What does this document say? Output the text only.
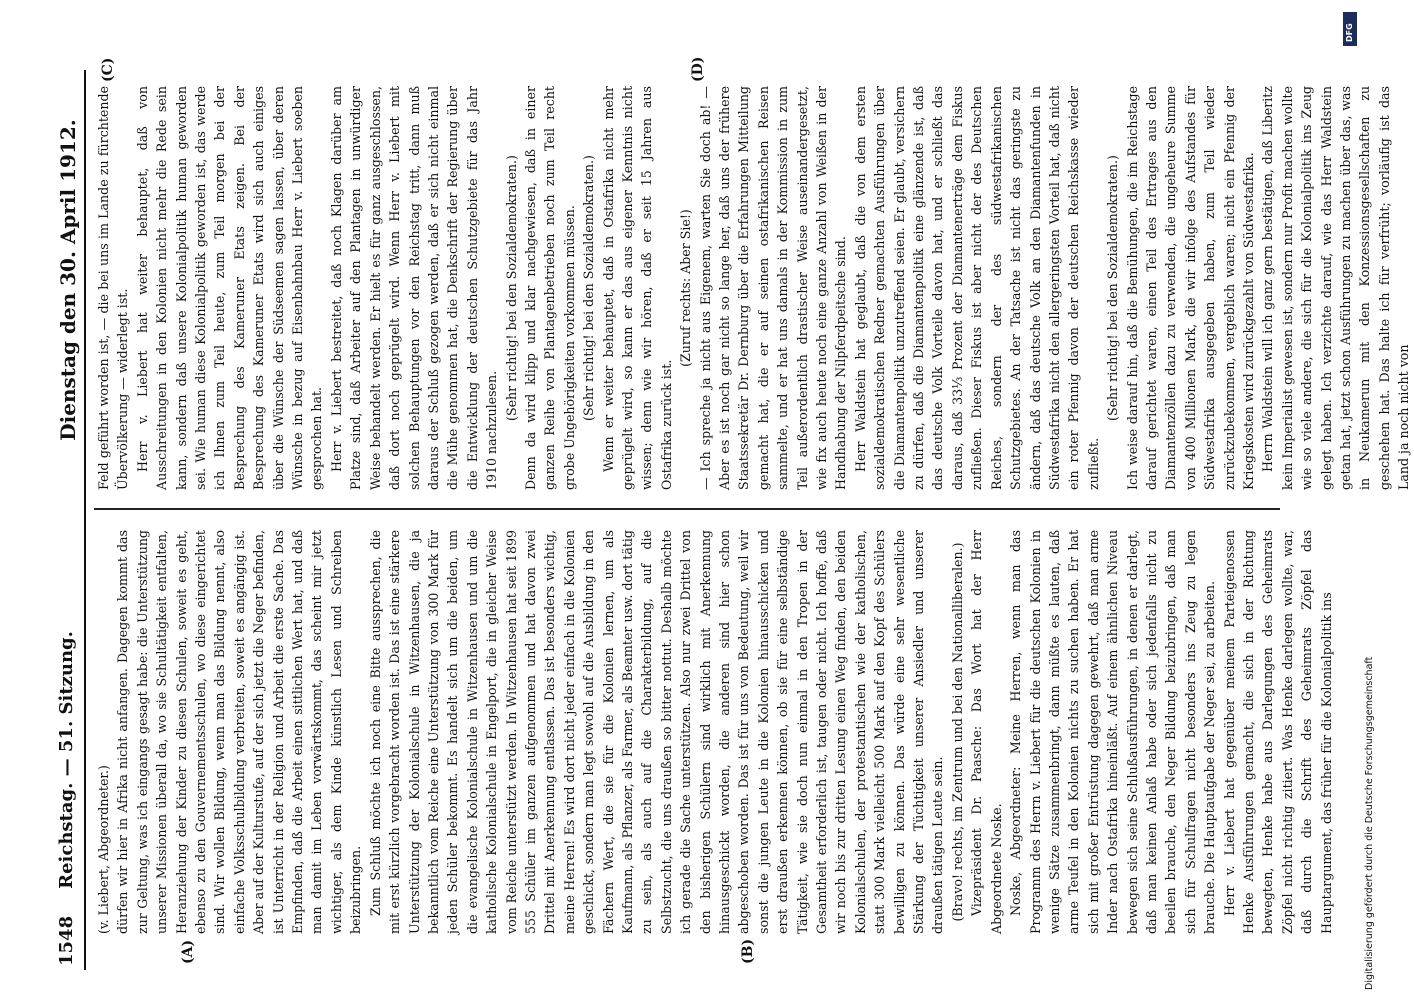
1548
Reichstag. — 51. Sitzung.
Dienstag den 30. April 1912.
(A)	(B)
(C)	(D)

(v. Liebert, Abgeordneter.) dürfen wir hier in Afrika nicht anfangen. Dagegen kommt das zur Geltung, was ich eingangs gesagt habe: die Unterstützung unserer Missionen überall da, wo sie Schultätigkeit entfalten, Heranziehung der Kinder zu diesen Schulen, soweit es geht, ebenso zu den Gouvernementsschulen, wo diese eingerichtet sind. Wir wollen Bildung, wenn man das Bildung nennt, also einfache Volksschulbildung verbreiten, soweit es angängig ist. Aber auf der Kulturstufe, auf der sich jetzt die Neger befinden, ist Unterricht in der Religion und Arbeit die erste Sache. Das Empfinden, daß die Arbeit einen sittlichen Wert hat, und daß man damit im Leben vorwärtskommt, das scheint mir jetzt wichtiger, als dem Kinde künstlich Lesen und Schreiben beizubringen. Zum Schluß möchte ich noch eine Bitte aussprechen, die mit erst kürzlich vorgebracht worden ist. Das ist eine stärkere Unterstützung der Kolonialschule in Witzenhausen, die ja bekanntlich vom Reiche eine Unterstützung von 300 Mark für jeden Schüler bekommt. Es handelt sich um die beiden, um die evangelische Kolonialschule in Witzenhausen und um die katholische Kolonialschule in Engelport, die in gleicher Weise vom Reiche unterstützt werden. In Witzenhausen hat seit 1899 555 Schüler im ganzen aufgenommen und hat davon zwei Drittel mit Anerkennung entlassen. Das ist besonders wichtig, meine Herren! Es wird dort nicht jeder einfach in die Kolonien geschickt, sondern man legt sowohl auf die Ausbildung in den Fächern Wert, die sie für die Kolonien lernen, um als Kaufmann, als Pflanzer, als Farmer, als Beamter usw. dort tätig zu sein, als auch auf die Charakterbildung, auf die Selbstzucht, die uns draußen so bitter nottut. Deshalb möchte ich gerade die Sache unterstützen. Also nur zwei Drittel von den bisherigen Schülern sind wirklich mit Anerkennung hinausgeschickt worden, die anderen sind hier schon abgeschoben worden. Das ist für uns von Bedeutung, weil wir sonst die jungen Leute in die Kolonien hinausschicken und erst draußen erkennen können, ob sie für eine selbständige Tätigkeit, wie sie doch nun einmal in den Tropen in der Gesamtheit erforderlich ist, taugen oder nicht. Ich hoffe, daß wir noch bis zur dritten Lesung einen Weg finden, den beiden Kolonialschulen, der protestantischen wie der katholischen, statt 300 Mark vielleicht 500 Mark auf den Kopf des Schülers bewilligen zu können. Das würde eine sehr wesentliche Stärkung der Tüchtigkeit unserer Ansiedler und unserer draußen tätigen Leute sein. (Bravo! rechts, im Zentrum und bei den Nationalliberalen.) Vizepräsident Dr. Paasche: Das Wort hat der Herr Abgeordnete Noske. Noske, Abgeordneter: Meine Herren, wenn man das Programm des Herrn v. Liebert für die deutschen Kolonien in wenige Sätze zusammenbringt, dann müßte es lauten, daß arme Teufel in den Kolonien nichts zu suchen haben. Er hat sich mit großer Entrüstung dagegen gewehrt, daß man arme Inder nach Ostafrika hineinläßt. Auf einem ähnlichen Niveau bewegen sich seine Schlußausführungen, in denen er darlegt, daß man keinen Anlaß habe oder sich jedenfalls nicht zu beeilen brauche, den Neger Bildung beizubringen, daß man sich für Schulfragen nicht besonders ins Zeug zu legen brauche. Die Hauptaufgabe der Neger sei, zu arbeiten. Herr v. Liebert hat gegenüber meinem Parteigenossen Henke Ausführungen gemacht, die sich in der Richtung bewegten, Henke habe aus Darlegungen des Geheimrats Zöpfel nicht richtig zitiert. Was Henke darlegen wollte, war, daß durch die Schrift des Geheimrats Zöpfel das Hauptargument, das früher für die Kolonialpolitik ins

Feld geführt worden ist, — die bei uns im Lande zu fürchtende Übervölkerung — widerlegt ist. Herr v. Liebert hat weiter behauptet, daß von Ausschreitungen in den Kolonien nicht mehr die Rede sein kann, sondern daß unsere Kolonialpolitik human geworden sei. Wie human diese Kolonialpolitik geworden ist, das werde ich Ihnen zum Teil heute, zum Teil morgen bei der Besprechung des Kameruner Etats zeigen. Bei der Besprechung des Kameruner Etats wird sich auch einiges über die Wünsche der Südseemen sagen lassen, über deren Wünsche in bezug auf Eisenbahnbau Herr v. Liebert soeben gesprochen hat. Herr v. Liebert bestreitet, daß noch Klagen darüber am Platze sind, daß Arbeiter auf den Plantagen in unwürdiger Weise behandelt werden. Er hielt es für ganz ausgeschlossen, daß dort noch geprügelt wird. Wenn Herr v. Liebert mit solchen Behauptungen vor den Reichstag tritt, dann muß daraus der Schluß gezogen werden, daß er sich nicht einmal die Mühe genommen hat, die Denkschrift der Regierung über die Entwicklung der deutschen Schutzgebiete für das Jahr 1910 nachzulesen.

(Sehr richtig! bei den Sozialdemokraten.) Denn da wird klipp und klar nachgewiesen, daß in einer ganzen Reihe von Plantagenbetrieben noch zum Teil recht grobe Ungehörigkeiten vorkommen müssen. (Sehr richtig! bei den Sozialdemokraten.) Wenn er weiter behauptet, daß in Ostafrika nicht mehr geprügelt wird, so kann er das aus eigener Kenntnis nicht wissen; denn wie wir hören, daß er seit 15 Jahren aus Ostafrika zurück ist.

(Zuruf rechts: Aber Sie!) — Ich spreche ja nicht aus Eigenem, warten Sie doch ab! — Aber es ist noch gar nicht so lange her, daß uns der frühere Staatssekretär Dr. Dernburg über die Erfahrungen Mitteilung gemacht hat, die er auf seinen ostafrikanischen Reisen sammelte, und er hat uns damals in der Kommission in zum Teil außerordentlich drastischer Weise auseinandergesetzt, wie fix auch heute noch eine ganze Anzahl von Weißen in der Handhabung der Nilpferdpeitsche sind. Herr Waldstein hat geglaubt, daß die von dem ersten sozialdemokratischen Redner gemachten Ausführungen über die Diamantenpolitik unzutreffend seien. Er glaubt, versichern zu dürfen, daß die Diamantenpolitik eine glänzende ist, daß das deutsche Volk Vorteile davon hat, und er schließt das daraus, daß 33⅓ Prozent der Diamantenerträge dem Fiskus zufließen. Dieser Fiskus ist aber nicht der des Deutschen Reiches, sondern der des südwestafrikanischen Schutzgebietes. An der Tatsache ist nicht das geringste zu ändern, daß das deutsche Volk an den Diamantenfunden in Südwestafrika nicht den allergeringsten Vorteil hat, daß nicht ein roter Pfennig davon der deutschen Reichskasse wieder zufließt.

(Sehr richtig! bei den Sozialdemokraten.) Ich weise darauf hin, daß die Bemühungen, die im Reichstage darauf gerichtet waren, einen Teil des Ertrages aus den Diamantenzöllen dazu zu verwenden, die ungeheure Summe von 400 Millionen Mark, die wir infolge des Aufstandes für Südwestafrika ausgegeben haben, zum Teil wieder zurückzubekommen, vergeblich waren; nicht ein Pfennig der Kriegskosten wird zurückgezahlt von Südwestafrika. Herrn Waldstein will ich ganz gern bestätigen, daß Liberitz kein Imperialist gewesen ist, sondern nur Profit machen wollte wie so viele andere, die sich für die Kolonialpolitik ins Zeug gelegt haben. Ich verzichte darauf, wie das Herr Waldstein getan hat, jetzt schon Ausführungen zu machen über das, was in Neukamerun mit den Konzessionsgesellschaften zu geschehen hat. Das halte ich für verfrüht; vorläufig ist das Land ja noch nicht von

DFG
Digitalisierung gefördert durch die Deutsche Forschungsgemeinschaft
